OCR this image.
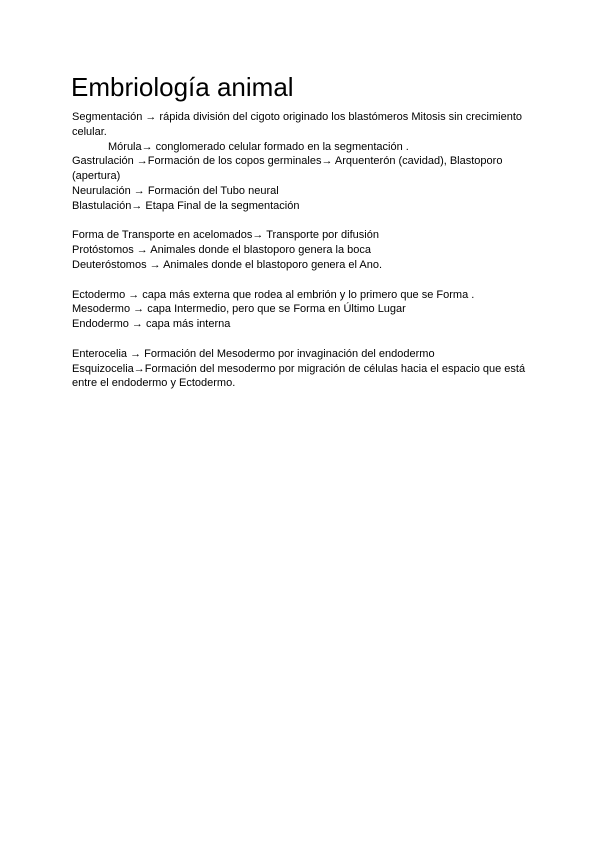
Embriología animal

Segmentación → rápida división del cigoto originado los blastómeros Mitosis sin crecimiento celular.

Mórula→ conglomerado celular formado en la segmentación .

Gastrulación →Formación de los copos germinales→ Arquenterón (cavidad), Blastoporo (apertura)

Neurulación → Formación del Tubo neural

Blastulación→ Etapa Final de la segmentación

Forma de Transporte en acelomados→ Transporte por difusión

Protóstomos → Animales donde el blastoporo genera la boca

Deuteróstomos → Animales donde el blastoporo genera el Ano.

Ectodermo → capa más externa que rodea al embrión y lo primero que se Forma .

Mesodermo → capa Intermedio, pero que se Forma en Último Lugar

Endodermo → capa más interna

Enterocelia → Formación del Mesodermo por invaginación del endodermo

Esquizocelia→Formación del mesodermo por migración de células hacia el espacio que está entre el endodermo y Ectodermo.
